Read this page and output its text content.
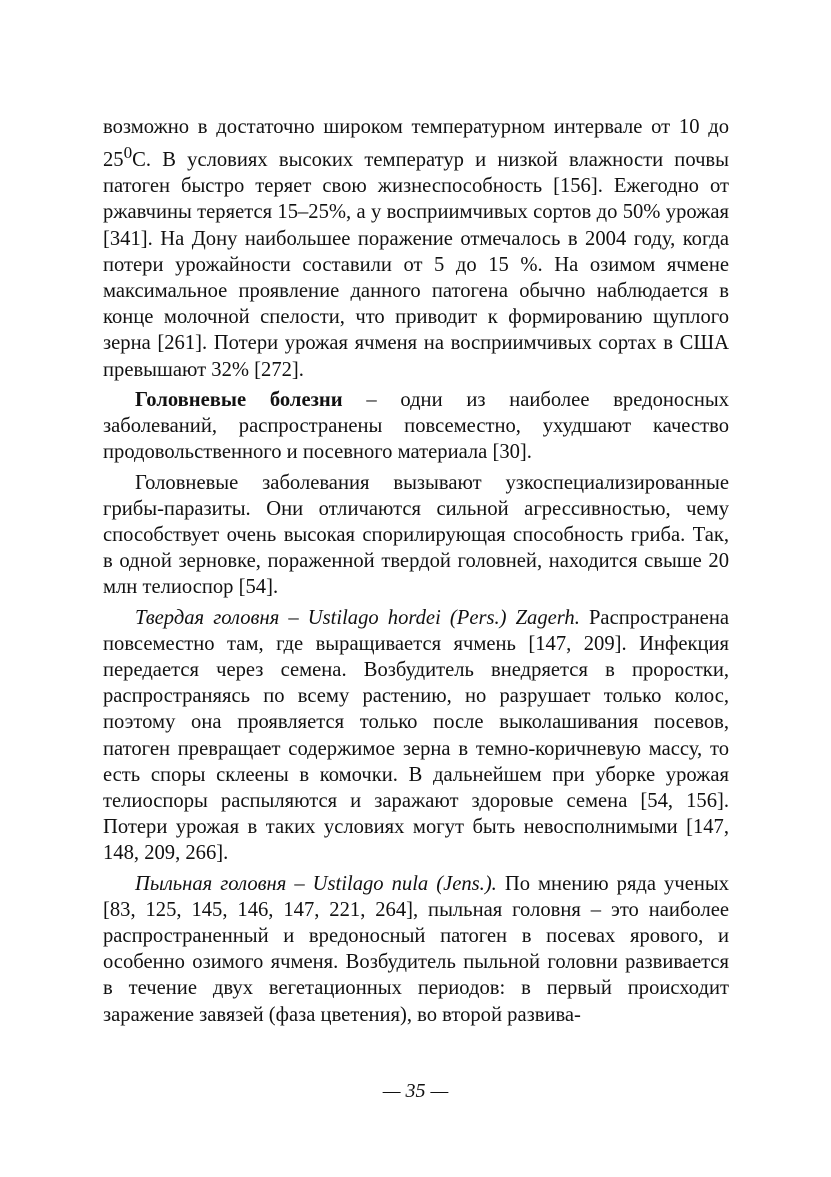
возможно в достаточно широком температурном интервале от 10 до $25^0С$. В условиях высоких температур и низкой влажности почвы патоген быстро теряет свою жизнеспособность [156]. Ежегодно от ржавчины теряется 15–25%, а у восприимчивых сортов до 50% урожая [341]. На Дону наибольшее поражение отмечалось в 2004 году, когда потери урожайности составили от 5 до 15 %. На озимом ячмене максимальное проявление данного патогена обычно наблюдается в конце молочной спелости, что приводит к формированию щуплого зерна [261]. Потери урожая ячменя на восприимчивых сортах в США превышают 32% [272].

Головневые болезни – одни из наиболее вредоносных заболеваний, распространены повсеместно, ухудшают качество продовольственного и посевного материала [30].

Головневые заболевания вызывают узкоспециализированные грибы-паразиты. Они отличаются сильной агрессивностью, чему способствует очень высокая спорилирующая способность гриба. Так, в одной зерновке, пораженной твердой головней, находится свыше 20 млн телиоспор [54].

Твердая головня – Ustilago hordei (Pers.) Zagerh. Распространена повсеместно там, где выращивается ячмень [147, 209]. Инфекция передается через семена. Возбудитель внедряется в проростки, распространяясь по всему растению, но разрушает только колос, поэтому она проявляется только после выколашивания посевов, патоген превращает содержимое зерна в темно-коричневую массу, то есть споры склеены в комочки. В дальнейшем при уборке урожая телиоспоры распыляются и заражают здоровые семена [54, 156]. Потери урожая в таких условиях могут быть невосполнимыми [147, 148, 209, 266].

Пыльная головня – Ustilago nula (Jens.). По мнению ряда ученых [83, 125, 145, 146, 147, 221, 264], пыльная головня – это наиболее распространенный и вредоносный патоген в посевах ярового, и особенно озимого ячменя. Возбудитель пыльной головни развивается в течение двух вегетационных периодов: в первый происходит заражение завязей (фаза цветения), во второй развива-

— 35 —
